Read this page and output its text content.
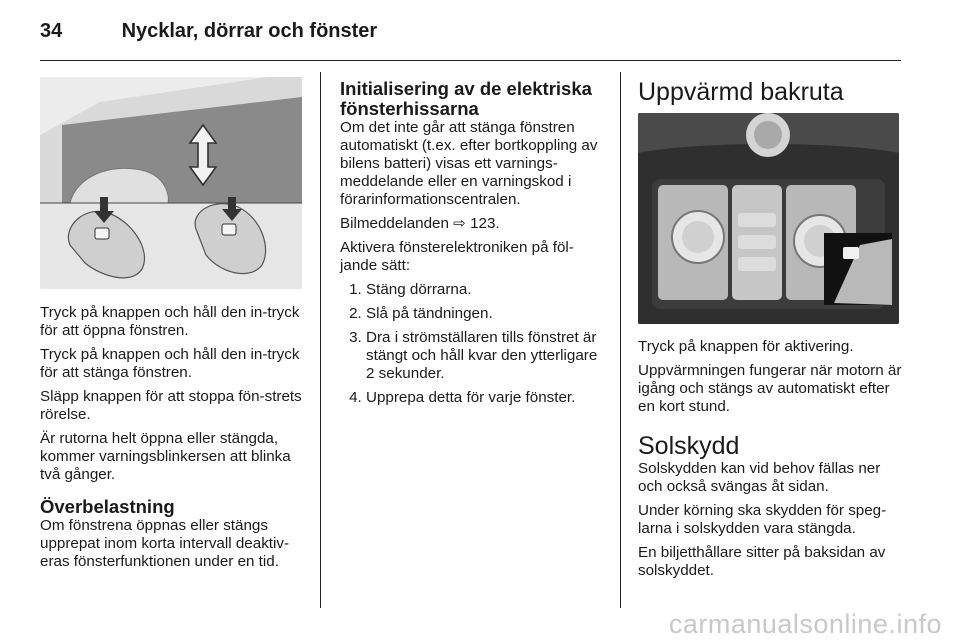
34	Nycklar, dörrar och fönster

Tryck på knappen och håll den in-tryck för att öppna fönstren.

Tryck på knappen och håll den in-tryck för att stänga fönstren.

Släpp knappen för att stoppa fön-strets rörelse.

Är rutorna helt öppna eller stängda, kommer varningsblinkersen att blinka två gånger.

Överbelastning

Om fönstrena öppnas eller stängs upprepat inom korta intervall deaktiv-eras fönsterfunktionen under en tid.

Initialisering av de elektriska fönsterhissarna

Om det inte går att stänga fönstren automatiskt (t.ex. efter bortkoppling av bilens batteri) visas ett varnings-meddelande eller en varningskod i förarinformationscentralen.

Bilmeddelanden ⇨ 123.

Aktivera fönsterelektroniken på föl-jande sätt:

1. Stäng dörrarna.
2. Slå på tändningen.
3. Dra i strömställaren tills fönstret är stängt och håll kvar den ytterligare 2 sekunder.
4. Upprepa detta för varje fönster.
Uppvärmd bakruta

Tryck på knappen för aktivering.

Uppvärmningen fungerar när motorn är igång och stängs av automatiskt efter en kort stund.

Solskydd

Solskydden kan vid behov fällas ner och också svängas åt sidan.

Under körning ska skydden för speg-larna i solskydden vara stängda.

En biljetthållare sitter på baksidan av solskyddet.

carmanualsonline.info
